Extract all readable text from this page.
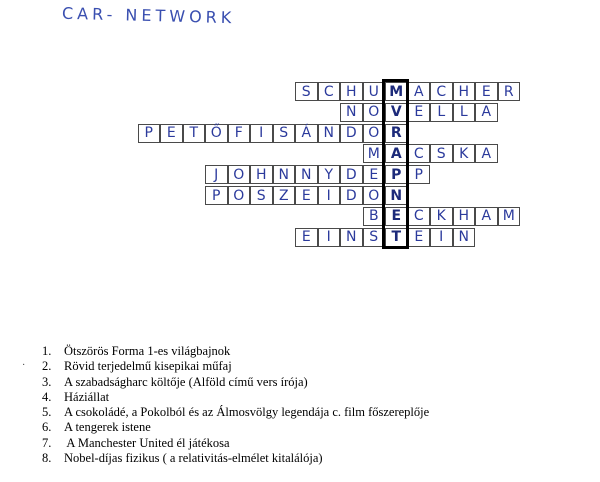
CAR- NETWORK
S C H U M A C H E R
N O V E	L	L A
P E T Ő F	I	S Á N D O R
M A C S K A
J	O H N N Y D E P P
P O S Z E	I	D O N
B E C K H A M
E	I	N S T E	I	N
·
1. Ötszörös Forma 1-es világbajnok
2. Rövid terjedelmű kisepikai műfaj
3. A szabadságharc költője (Alföld című vers írója)
4. Háziállat
5. A csokoládé, a Pokolból és az Álmosvölgy legendája c. film főszereplője
6. A tengerek istene
7. A Manchester United él játékosa
8. Nobel-díjas fizikus ( a relativitás-elmélet kitalálója)
